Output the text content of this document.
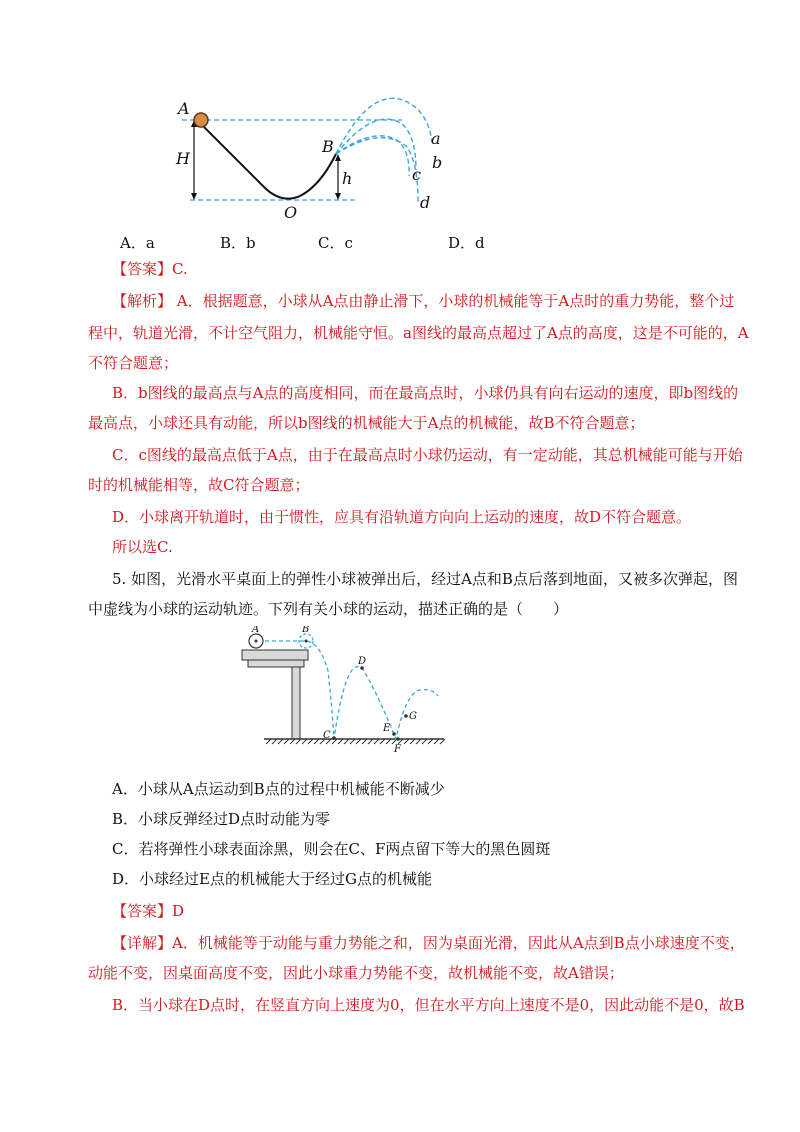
A
H
B
h
O
a
b
c
d
A．a	B．b	C．c	D．d
【答案】C.
【解析】 A．根据题意，小球从A点由静止滑下，小球的机械能等于A点时的重力势能，整个过
程中，轨道光滑，不计空气阻力，机械能守恒。a图线的最高点超过了A点的高度，这是不可能的，A
不符合题意；
B．b图线的最高点与A点的高度相同，而在最高点时，小球仍具有向右运动的速度，即b图线的
最高点，小球还具有动能，所以b图线的机械能大于A点的机械能，故B不符合题意；
C．c图线的最高点低于A点，由于在最高点时小球仍运动，有一定动能，其总机械能可能与开始
时的机械能相等，故C符合题意；
D．小球离开轨道时，由于惯性，应具有沿轨道方向向上运动的速度，故D不符合题意。
所以选C.
5. 如图，光滑水平桌面上的弹性小球被弹出后，经过A点和B点后落到地面，又被多次弹起，图
中虚线为小球的运动轨迹。下列有关小球的运动，描述正确的是（　　）
A	B
C
D
E
F
G
A．小球从A点运动到B点的过程中机械能不断减少
B．小球反弹经过D点时动能为零
C．若将弹性小球表面涂黑，则会在C、F两点留下等大的黑色圆斑
D．小球经过E点的机械能大于经过G点的机械能
【答案】D
【详解】A．机械能等于动能与重力势能之和，因为桌面光滑，因此从A点到B点小球速度不变，
动能不变，因桌面高度不变，因此小球重力势能不变，故机械能不变，故A错误；
B．当小球在D点时，在竖直方向上速度为0，但在水平方向上速度不是0，因此动能不是0，故B
